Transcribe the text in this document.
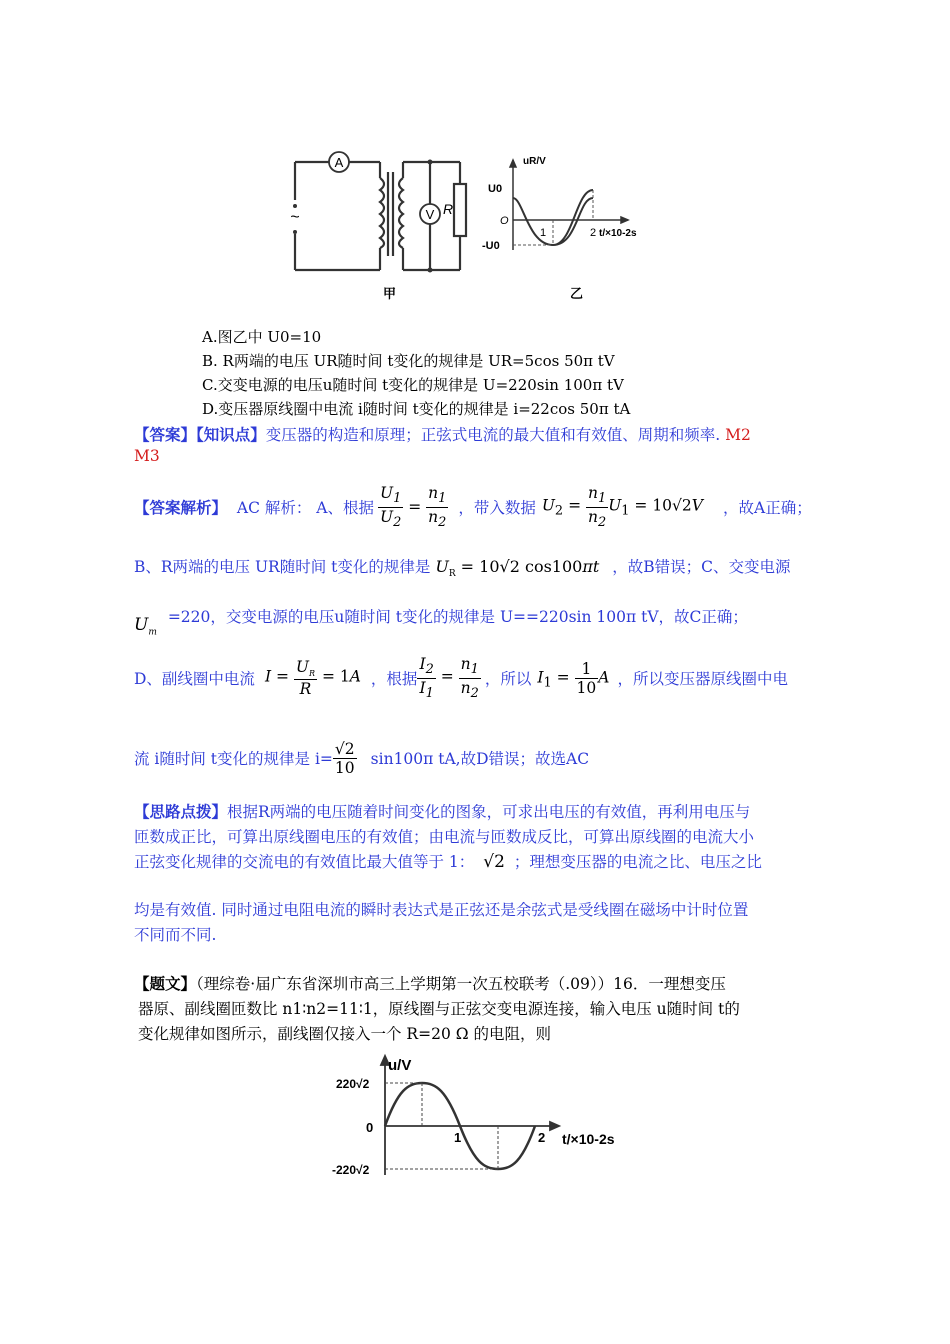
A
V R
~
甲
uR/V
U0
O
-U0
1	2 t/×10-2s
乙
A.图乙中 U0=10
B. R两端的电压 UR随时间 t变化的规律是 UR=5cos 50π tV
C.交变电源的电压u随时间 t变化的规律是 U=220sin 100π tV
D.变压器原线圈中电流 i随时间 t变化的规律是 i=22cos 50π tA
【答案】【知识点】变压器的构造和原理；正弦式电流的最大值和有效值、周期和频率. M2
M3
【答案解析】
AC 解析： A、根据 $\frac{U_1}{U_2} = \frac{n_1}{n_2}$ ，带入数据 $U_2 = \frac{n_1}{n_2} U_1 = 10√2V$ ，故A正确；
B、R两端的电压 UR随时间 t变化的规律是 $U_R = 10√2$ cos100πt ，故B错误；C、交变电源
$U_m =220$，交变电源的电压u随时间 t变化的规律是 U==220sin 100π tV，故C正确；
D、副线圈中电流 $I = \frac{U_R}{R} = 1A$ ，根据 $\frac{I_2}{I_1} = \frac{n_1}{n_2}$ ，所以 $I_1 = \frac{1}{10}$ A ，所以变压器原线圈中电
流 i随时间 t变化的规律是 $i= \frac{√2}{10} \sin 100\pi$ tA,故D错误；故选AC
【思路点拨】根据R两端的电压随着时间变化的图象，可求出电压的有效值，再利用电压与
匝数成正比，可算出原线圈电压的有效值；由电流与匝数成反比，可算出原线圈的电流大小
正弦变化规律的交流电的有效值比最大值等于 1： √2 ；理想变压器的电流之比、电压之比
均是有效值. 同时通过电阻电流的瞬时表达式是正弦还是余弦式是受线圈在磁场中计时位置
不同而不同.
【题文】（理综卷·届广东省深圳市高三上学期第一次五校联考（.09））16．一理想变压
器原、副线圈匝数比 n1∶n2=11∶1，原线圈与正弦交变电源连接，输入电压 u随时间 t的
变化规律如图所示，副线圈仅接入一个 R=20 Ω 的电阻，则
u/V
220√2
0
-220√2
1	2 t/×10-2s
